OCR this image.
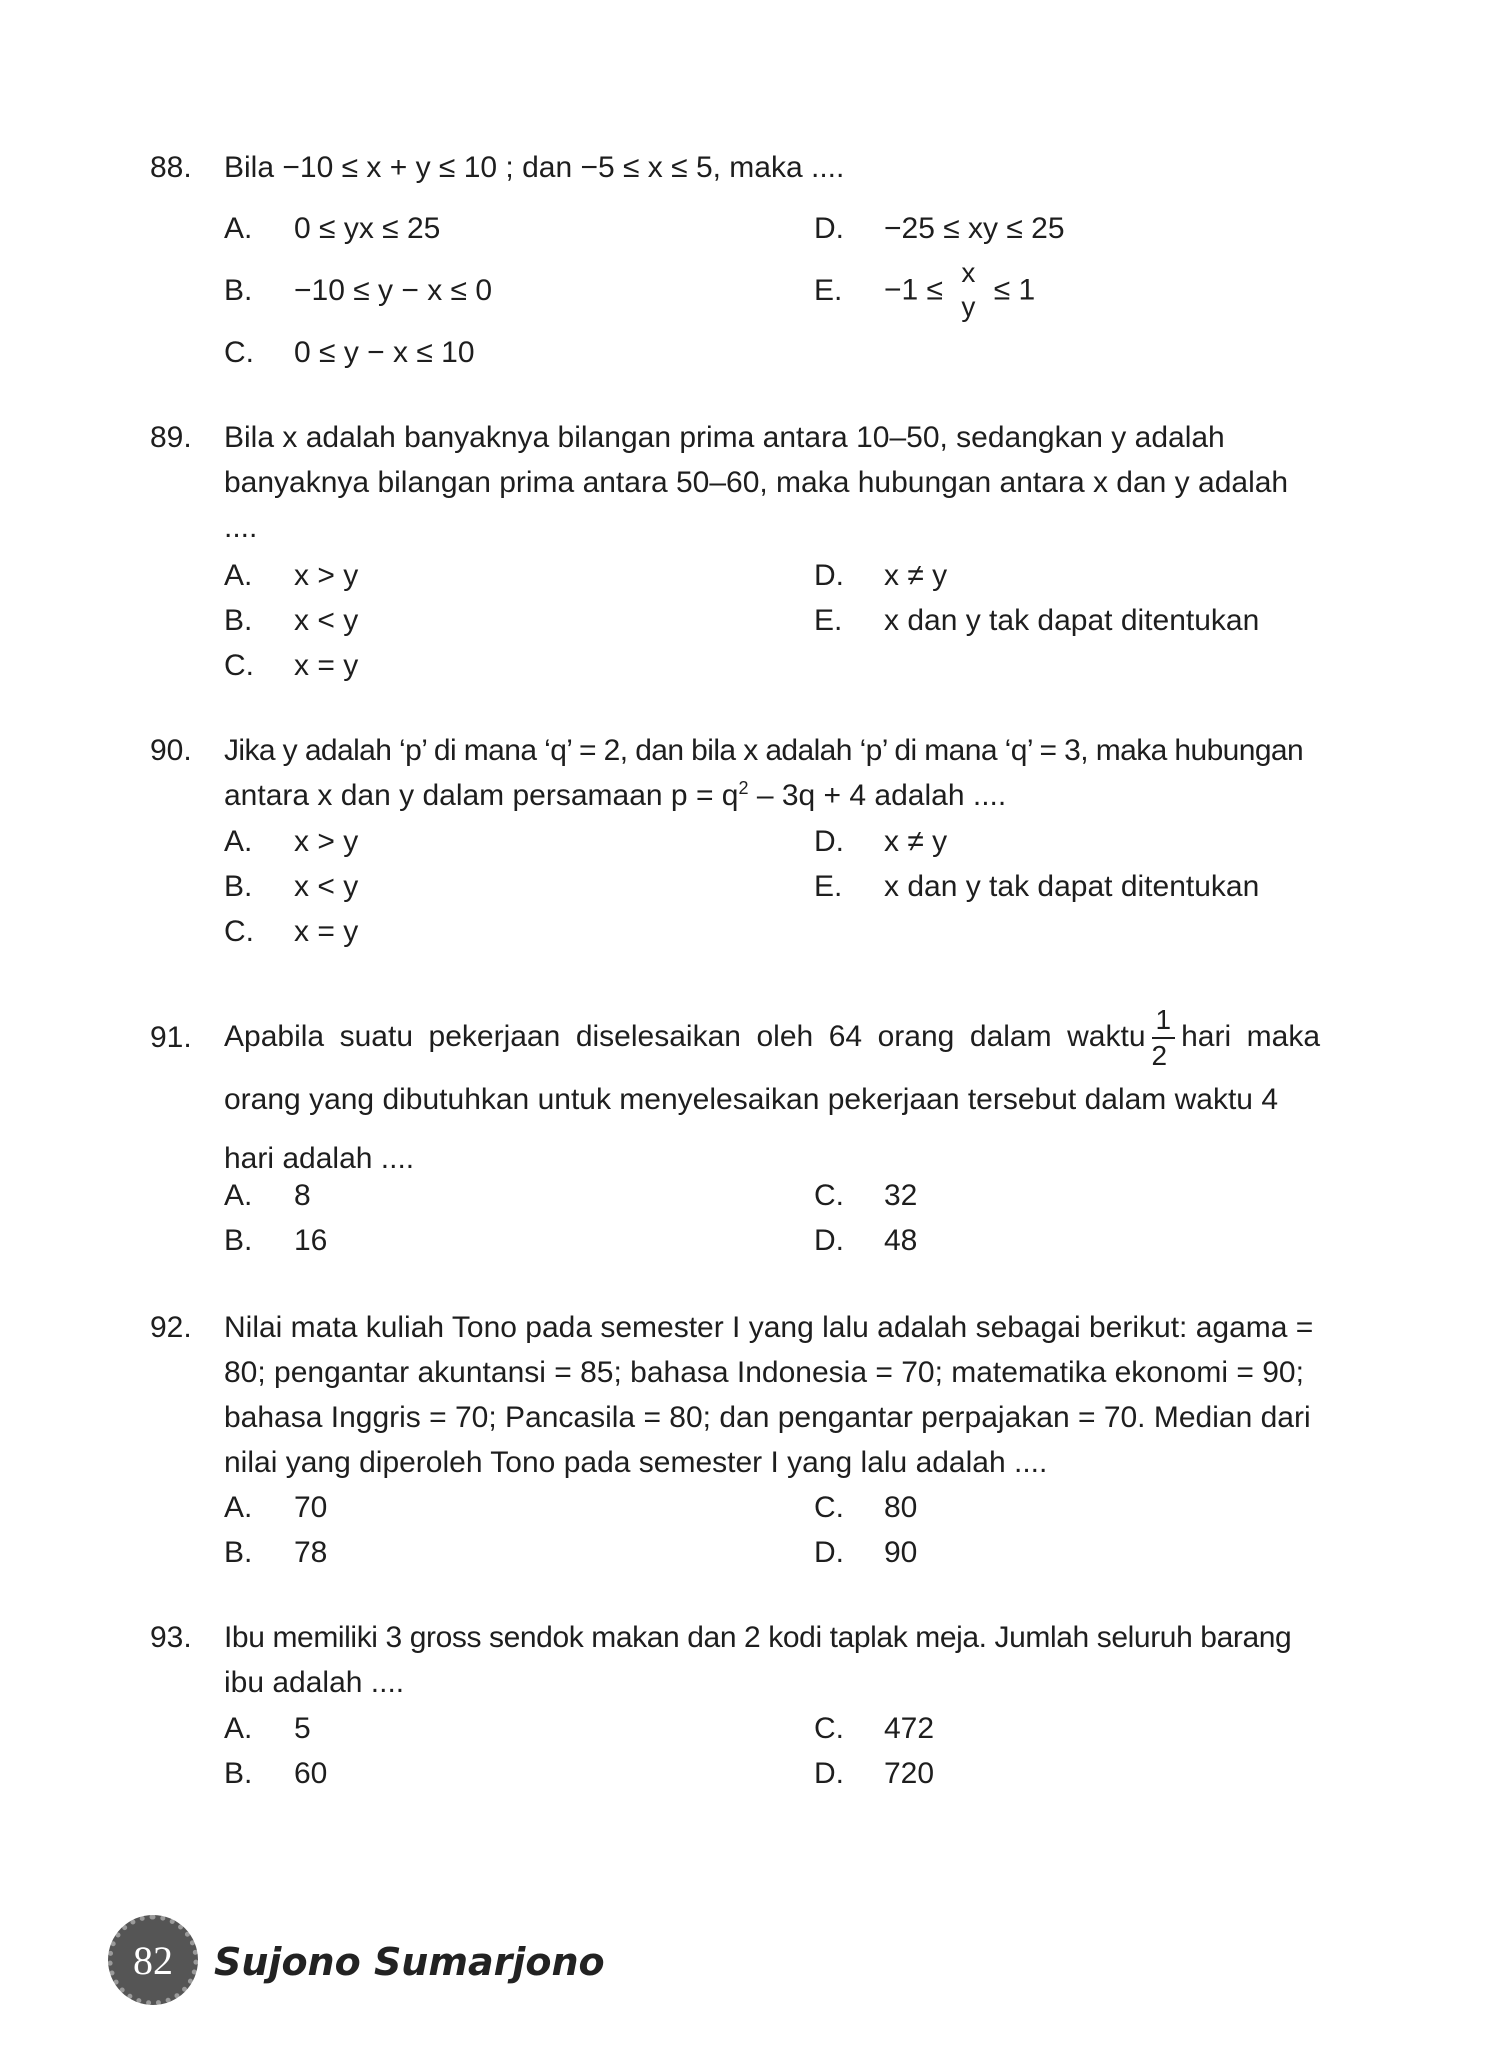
88. Bila −10 ≤ x + y ≤ 10 ; dan −5 ≤ x ≤ 5, maka ....
A. 0 ≤ yx ≤ 25
B. −10 ≤ y − x ≤ 0
C. 0 ≤ y − x ≤ 10
D. −25 ≤ xy ≤ 25
E. −1 ≤
x
y ≤ 1
89. Bila x adalah banyaknya bilangan prima antara 10–50, sedangkan y adalah
banyaknya bilangan prima antara 50–60, maka hubungan antara x dan y adalah
....
A. x > y
B. x < y
C. x = y
D. x ≠ y
E. x dan y tak dapat ditentukan
90. Jika y adalah ‘p’ di mana ‘q’ = 2, dan bila x adalah ‘p’ di mana ‘q’ = 3, maka hubungan
antara x dan y dalam persamaan $p = q^2 - 3q + 4$ adalah ....
A. x > y
B. x < y
C. x = y
D. x ≠ y
E. x dan y tak dapat ditentukan
91. Apabila suatu pekerjaan diselesaikan oleh 64 orang dalam waktu $\frac{1}{2}$ hari maka
orang yang dibutuhkan untuk menyelesaikan pekerjaan tersebut dalam waktu 4
hari adalah ....
A. 8
B. 16
C. 32
D. 48
92. Nilai mata kuliah Tono pada semester I yang lalu adalah sebagai berikut: agama =
80; pengantar akuntansi = 85; bahasa Indonesia = 70; matematika ekonomi = 90;
bahasa Inggris = 70; Pancasila = 80; dan pengantar perpajakan = 70. Median dari
nilai yang diperoleh Tono pada semester I yang lalu adalah ....
A. 70
B. 78
C. 80
D. 90
93. Ibu memiliki 3 gross sendok makan dan 2 kodi taplak meja. Jumlah seluruh barang
ibu adalah ....
A. 5
B. 60
C. 472
D. 720
82 Sujono Sumarjono
